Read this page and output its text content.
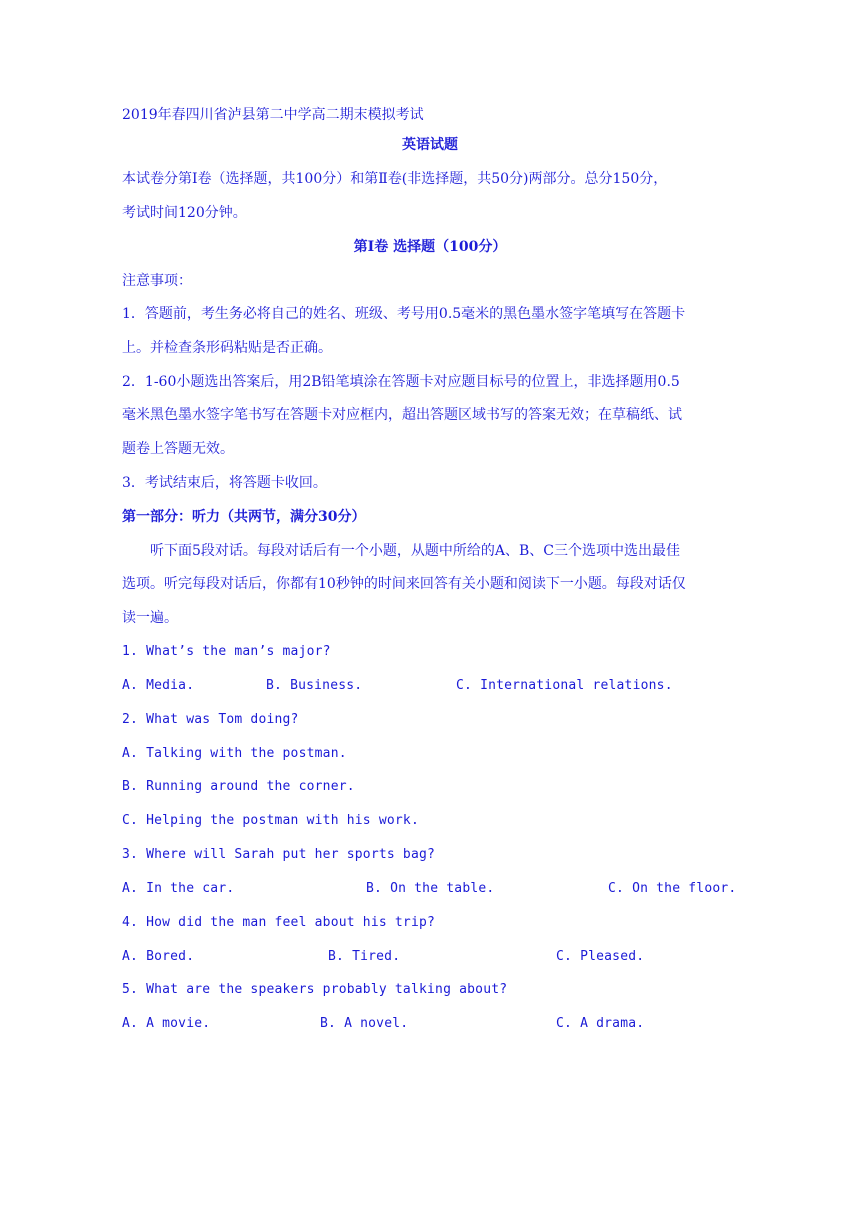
2019年春四川省泸县第二中学高二期末模拟考试
英语试题
本试卷分第Ⅰ卷（选择题，共100分）和第Ⅱ卷(非选择题，共50分)两部分。总分150分，
考试时间120分钟。
第Ⅰ卷 选择题（100分）
注意事项：
1．答题前，考生务必将自己的姓名、班级、考号用0.5毫米的黑色墨水签字笔填写在答题卡
上。并检查条形码粘贴是否正确。
2．1-60小题选出答案后，用2B铅笔填涂在答题卡对应题目标号的位置上，非选择题用0.5
毫米黑色墨水签字笔书写在答题卡对应框内，超出答题区域书写的答案无效；在草稿纸、试
题卷上答题无效。
3．考试结束后，将答题卡收回。
第一部分：听力（共两节，满分30分）
听下面5段对话。每段对话后有一个小题，从题中所给的A、B、C三个选项中选出最佳
选项。听完每段对话后，你都有10秒钟的时间来回答有关小题和阅读下一小题。每段对话仅
读一遍。
1. What’s the man’s major?
A. Media.	B. Business.	C. International relations.
2. What was Tom doing?
A. Talking with the postman.
B. Running around the corner.
C. Helping the postman with his work.
3. Where will Sarah put her sports bag?
A. In the car.	B. On the table.	C. On the floor.
4. How did the man feel about his trip?
A. Bored.	B. Tired.	C. Pleased.
5. What are the speakers probably talking about?
A. A movie.	B. A novel.	C. A drama.
